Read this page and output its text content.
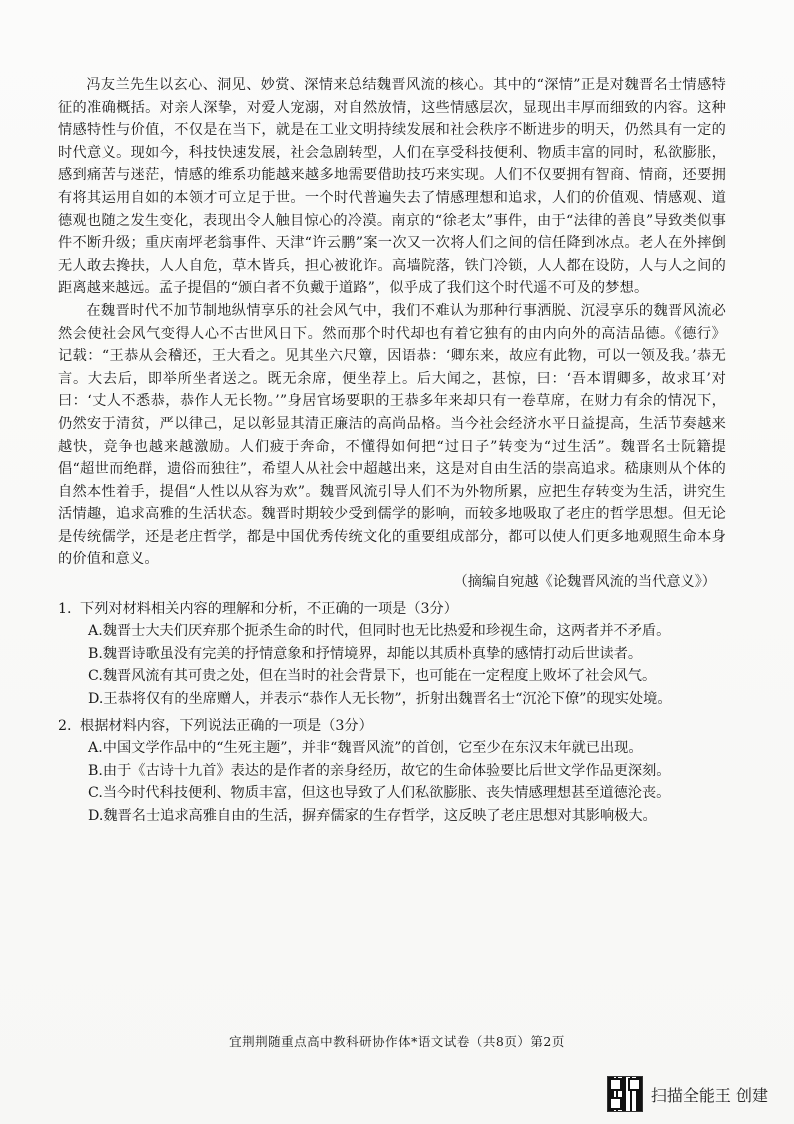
冯友兰先生以玄心、洞见、妙赏、深情来总结魏晋风流的核心。其中的“深情”正是对魏晋名士情感特征的准确概括。对亲人深挚，对爱人宠溺，对自然放情，这些情感层次，显现出丰厚而细致的内容。这种情感特性与价值，不仅是在当下，就是在工业文明持续发展和社会秩序不断进步的明天，仍然具有一定的时代意义。现如今，科技快速发展，社会急剧转型，人们在享受科技便利、物质丰富的同时，私欲膨胀，感到痛苦与迷茫，情感的维系功能越来越多地需要借助技巧来实现。人们不仅要拥有智商、情商，还要拥有将其运用自如的本领才可立足于世。一个时代普遍失去了情感理想和追求，人们的价值观、情感观、道德观也随之发生变化，表现出令人触目惊心的冷漠。南京的“徐老太”事件，由于“法律的善良”导致类似事件不断升级；重庆南坪老翁事件、天津“许云鹏”案一次又一次将人们之间的信任降到冰点。老人在外摔倒无人敢去搀扶，人人自危，草木皆兵，担心被讹诈。高墙院落，铁门冷锁，人人都在设防，人与人之间的距离越来越远。孟子提倡的“颁白者不负戴于道路”，似乎成了我们这个时代遥不可及的梦想。

在魏晋时代不加节制地纵情享乐的社会风气中，我们不难认为那种行事洒脱、沉浸享乐的魏晋风流必然会使社会风气变得人心不古世风日下。然而那个时代却也有着它独有的由内向外的高洁品德。《德行》记载：“王恭从会稽还，王大看之。见其坐六尺簟，因语恭：‘卿东来，故应有此物，可以一领及我。’恭无言。大去后，即举所坐者送之。既无余席，便坐荐上。后大闻之，甚惊，曰：‘吾本谓卿多，故求耳’对曰：‘丈人不悉恭，恭作人无长物。’”身居官场要职的王恭多年来却只有一卷草席，在财力有余的情况下，仍然安于清贫，严以律己，足以彰显其清正廉洁的高尚品格。当今社会经济水平日益提高，生活节奏越来越快，竞争也越来越激励。人们疲于奔命，不懂得如何把“过日子”转变为“过生活”。魏晋名士阮籍提倡“超世而绝群，遗俗而独往”，希望人从社会中超越出来，这是对自由生活的崇高追求。嵇康则从个体的自然本性着手，提倡“人性以从容为欢”。魏晋风流引导人们不为外物所累，应把生存转变为生活，讲究生活情趣，追求高雅的生活状态。魏晋时期较少受到儒学的影响，而较多地吸取了老庄的哲学思想。但无论是传统儒学，还是老庄哲学，都是中国优秀传统文化的重要组成部分，都可以使人们更多地观照生命本身的价值和意义。

（摘编自宛越《论魏晋风流的当代意义》）

1. 下列对材料相关内容的理解和分析，不正确的一项是（3分）

A.魏晋士大夫们厌弃那个扼杀生命的时代，但同时也无比热爱和珍视生命，这两者并不矛盾。

B.魏晋诗歌虽没有完美的抒情意象和抒情境界，却能以其质朴真挚的感情打动后世读者。

C.魏晋风流有其可贵之处，但在当时的社会背景下，也可能在一定程度上败坏了社会风气。

D.王恭将仅有的坐席赠人，并表示“恭作人无长物”，折射出魏晋名士“沉沦下僚”的现实处境。

2. 根据材料内容，下列说法正确的一项是（3分）

A.中国文学作品中的“生死主题”，并非“魏晋风流”的首创，它至少在东汉末年就已出现。

B.由于《古诗十九首》表达的是作者的亲身经历，故它的生命体验要比后世文学作品更深刻。

C.当今时代科技便利、物质丰富，但这也导致了人们私欲膨胀、丧失情感理想甚至道德沦丧。

D.魏晋名士追求高雅自由的生活，摒弃儒家的生存哲学，这反映了老庄思想对其影响极大。

宜荆荆随重点高中教科研协作体*语文试卷（共8页）第2页
扫描全能王 创建
